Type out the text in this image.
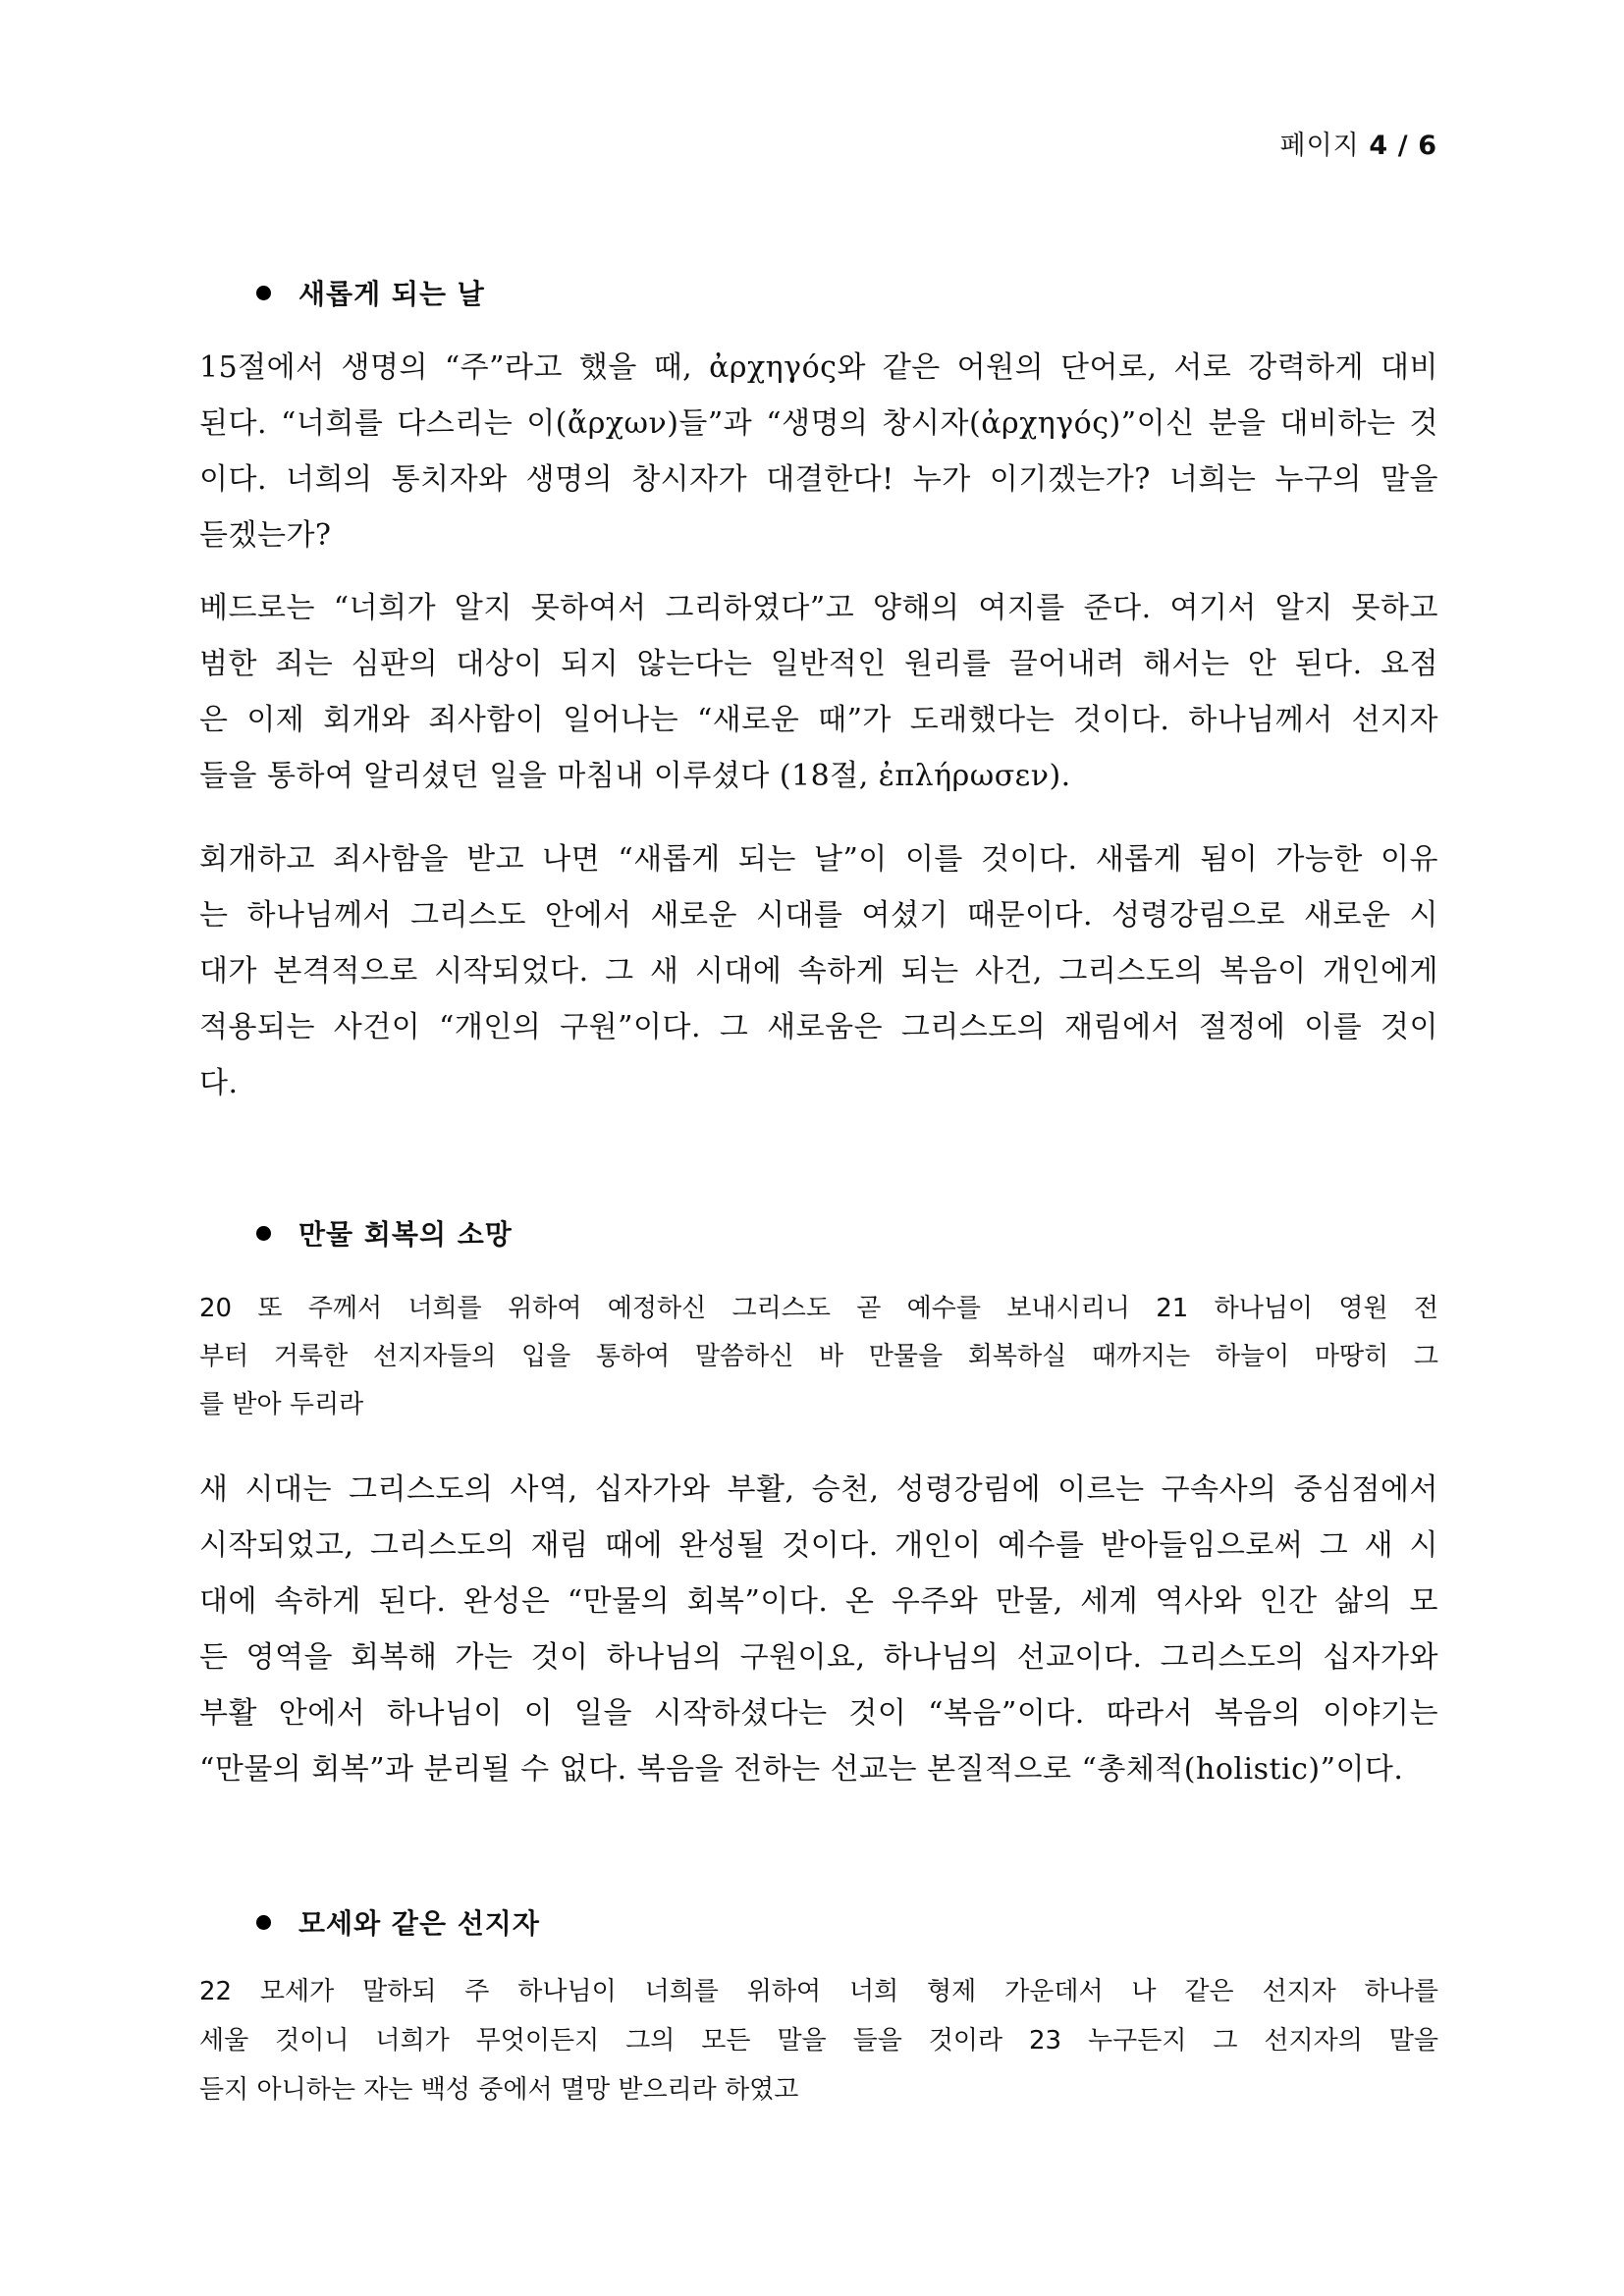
페이지 4 / 6
새롭게 되는 날
15절에서 생명의 “주”라고 했을 때, ἀρχηγός와 같은 어원의 단어로, 서로 강력하게 대비
된다. “너희를 다스리는 이(ἄρχων)들”과 “생명의 창시자(ἀρχηγός)”이신 분을 대비하는 것
이다. 너희의 통치자와 생명의 창시자가 대결한다! 누가 이기겠는가? 너희는 누구의 말을
듣겠는가?
베드로는 “너희가 알지 못하여서 그리하였다”고 양해의 여지를 준다. 여기서 알지 못하고
범한 죄는 심판의 대상이 되지 않는다는 일반적인 원리를 끌어내려 해서는 안 된다. 요점
은 이제 회개와 죄사함이 일어나는 “새로운 때”가 도래했다는 것이다. 하나님께서 선지자
들을 통하여 알리셨던 일을 마침내 이루셨다 (18절, ἐπλήρωσεν).
회개하고 죄사함을 받고 나면 “새롭게 되는 날”이 이를 것이다. 새롭게 됨이 가능한 이유
는 하나님께서 그리스도 안에서 새로운 시대를 여셨기 때문이다. 성령강림으로 새로운 시
대가 본격적으로 시작되었다. 그 새 시대에 속하게 되는 사건, 그리스도의 복음이 개인에게
적용되는 사건이 “개인의 구원”이다. 그 새로움은 그리스도의 재림에서 절정에 이를 것이
다.
만물 회복의 소망
20 또 주께서 너희를 위하여 예정하신 그리스도 곧 예수를 보내시리니 21 하나님이 영원 전
부터 거룩한 선지자들의 입을 통하여 말씀하신 바 만물을 회복하실 때까지는 하늘이 마땅히 그
를 받아 두리라
새 시대는 그리스도의 사역, 십자가와 부활, 승천, 성령강림에 이르는 구속사의 중심점에서
시작되었고, 그리스도의 재림 때에 완성될 것이다. 개인이 예수를 받아들임으로써 그 새 시
대에 속하게 된다. 완성은 “만물의 회복”이다. 온 우주와 만물, 세계 역사와 인간 삶의 모
든 영역을 회복해 가는 것이 하나님의 구원이요, 하나님의 선교이다. 그리스도의 십자가와
부활 안에서 하나님이 이 일을 시작하셨다는 것이 “복음”이다. 따라서 복음의 이야기는
“만물의 회복”과 분리될 수 없다. 복음을 전하는 선교는 본질적으로 “총체적(holistic)”이다.
모세와 같은 선지자
22 모세가 말하되 주 하나님이 너희를 위하여 너희 형제 가운데서 나 같은 선지자 하나를
세울 것이니 너희가 무엇이든지 그의 모든 말을 들을 것이라 23 누구든지 그 선지자의 말을
듣지 아니하는 자는 백성 중에서 멸망 받으리라 하였고
